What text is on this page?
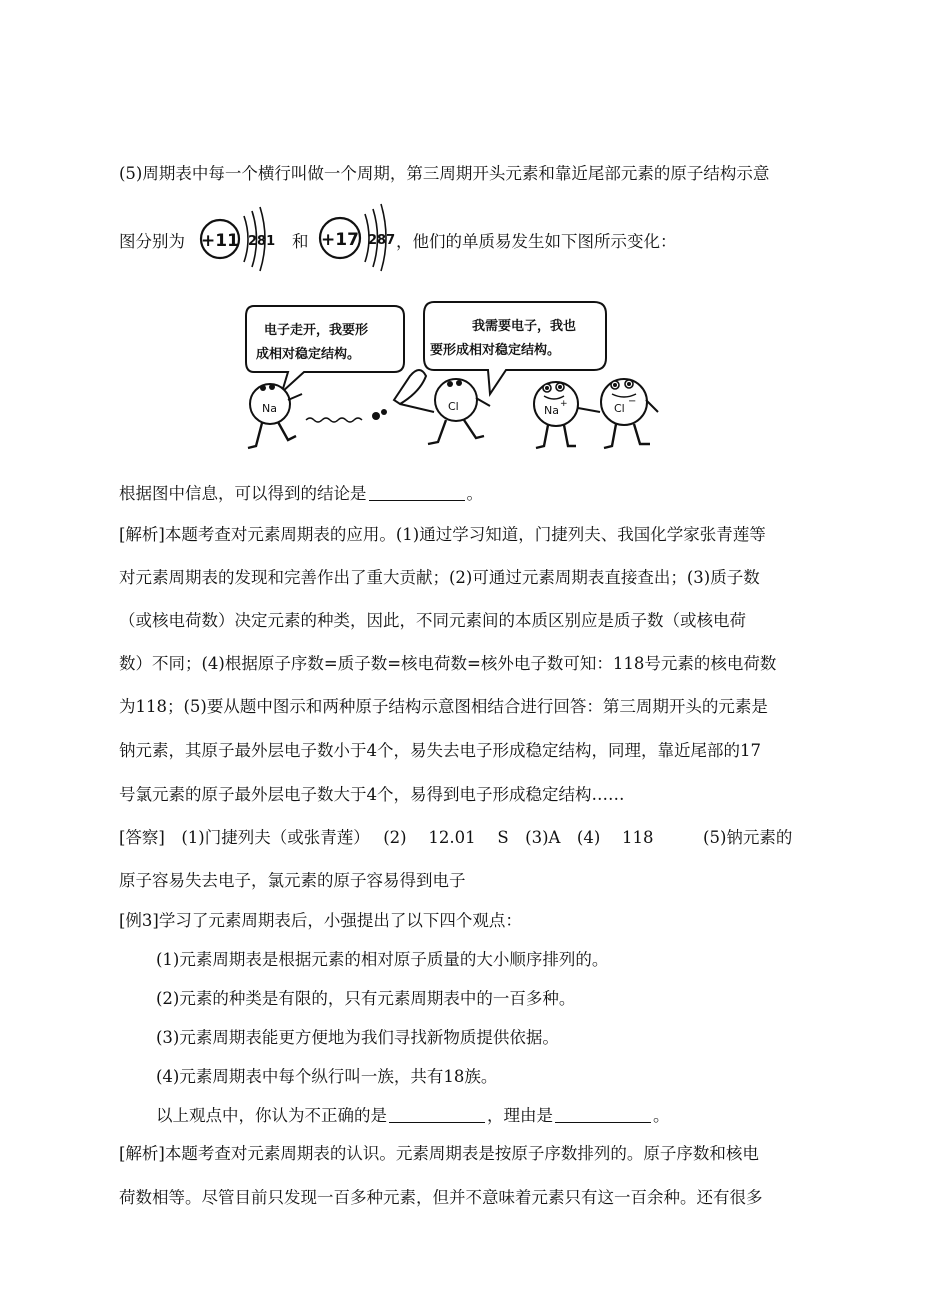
(5)周期表中每一个横行叫做一个周期，第三周期开头元素和靠近尾部元素的原子结构示意
图分别为 +11 281 和 +17 287 ，他们的单质易发生如下图所示变化：
电子走开，我要形
成相对稳定结构。
我需要电子，我也
要形成相对稳定结构。
Na	Cl	Na +	Cl
−
根据图中信息，可以得到的结论是	。
[解析]本题考查对元素周期表的应用。(1)通过学习知道，门捷列夫、我国化学家张青莲等
对元素周期表的发现和完善作出了重大贡献；(2)可通过元素周期表直接查出；(3)质子数
（或核电荷数）决定元素的种类，因此，不同元素间的本质区别应是质子数（或核电荷
数）不同；(4)根据原子序数=质子数=核电荷数=核外电子数可知：118号元素的核电荷数
为118；(5)要从题中图示和两种原子结构示意图相结合进行回答：第三周期开头的元素是
钠元素，其原子最外层电子数小于4个，易失去电子形成稳定结构，同理，靠近尾部的17
号氯元素的原子最外层电子数大于4个，易得到电子形成稳定结构……
[答察]　(1)门捷列夫（或张青莲）　 (2)　 12.01　 S　(3)A　(4)　 118　　　(5)钠元素的
原子容易失去电子，氯元素的原子容易得到电子
[例3]学习了元素周期表后，小强提出了以下四个观点：
(1)元素周期表是根据元素的相对原子质量的大小顺序排列的。
(2)元素的种类是有限的，只有元素周期表中的一百多种。
(3)元素周期表能更方便地为我们寻找新物质提供依据。
(4)元素周期表中每个纵行叫一族，共有18族。
以上观点中，你认为不正确的是	，理由是	。
[解析]本题考查对元素周期表的认识。元素周期表是按原子序数排列的。原子序数和核电
荷数相等。尽管目前只发现一百多种元素，但并不意味着元素只有这一百余种。还有很多
